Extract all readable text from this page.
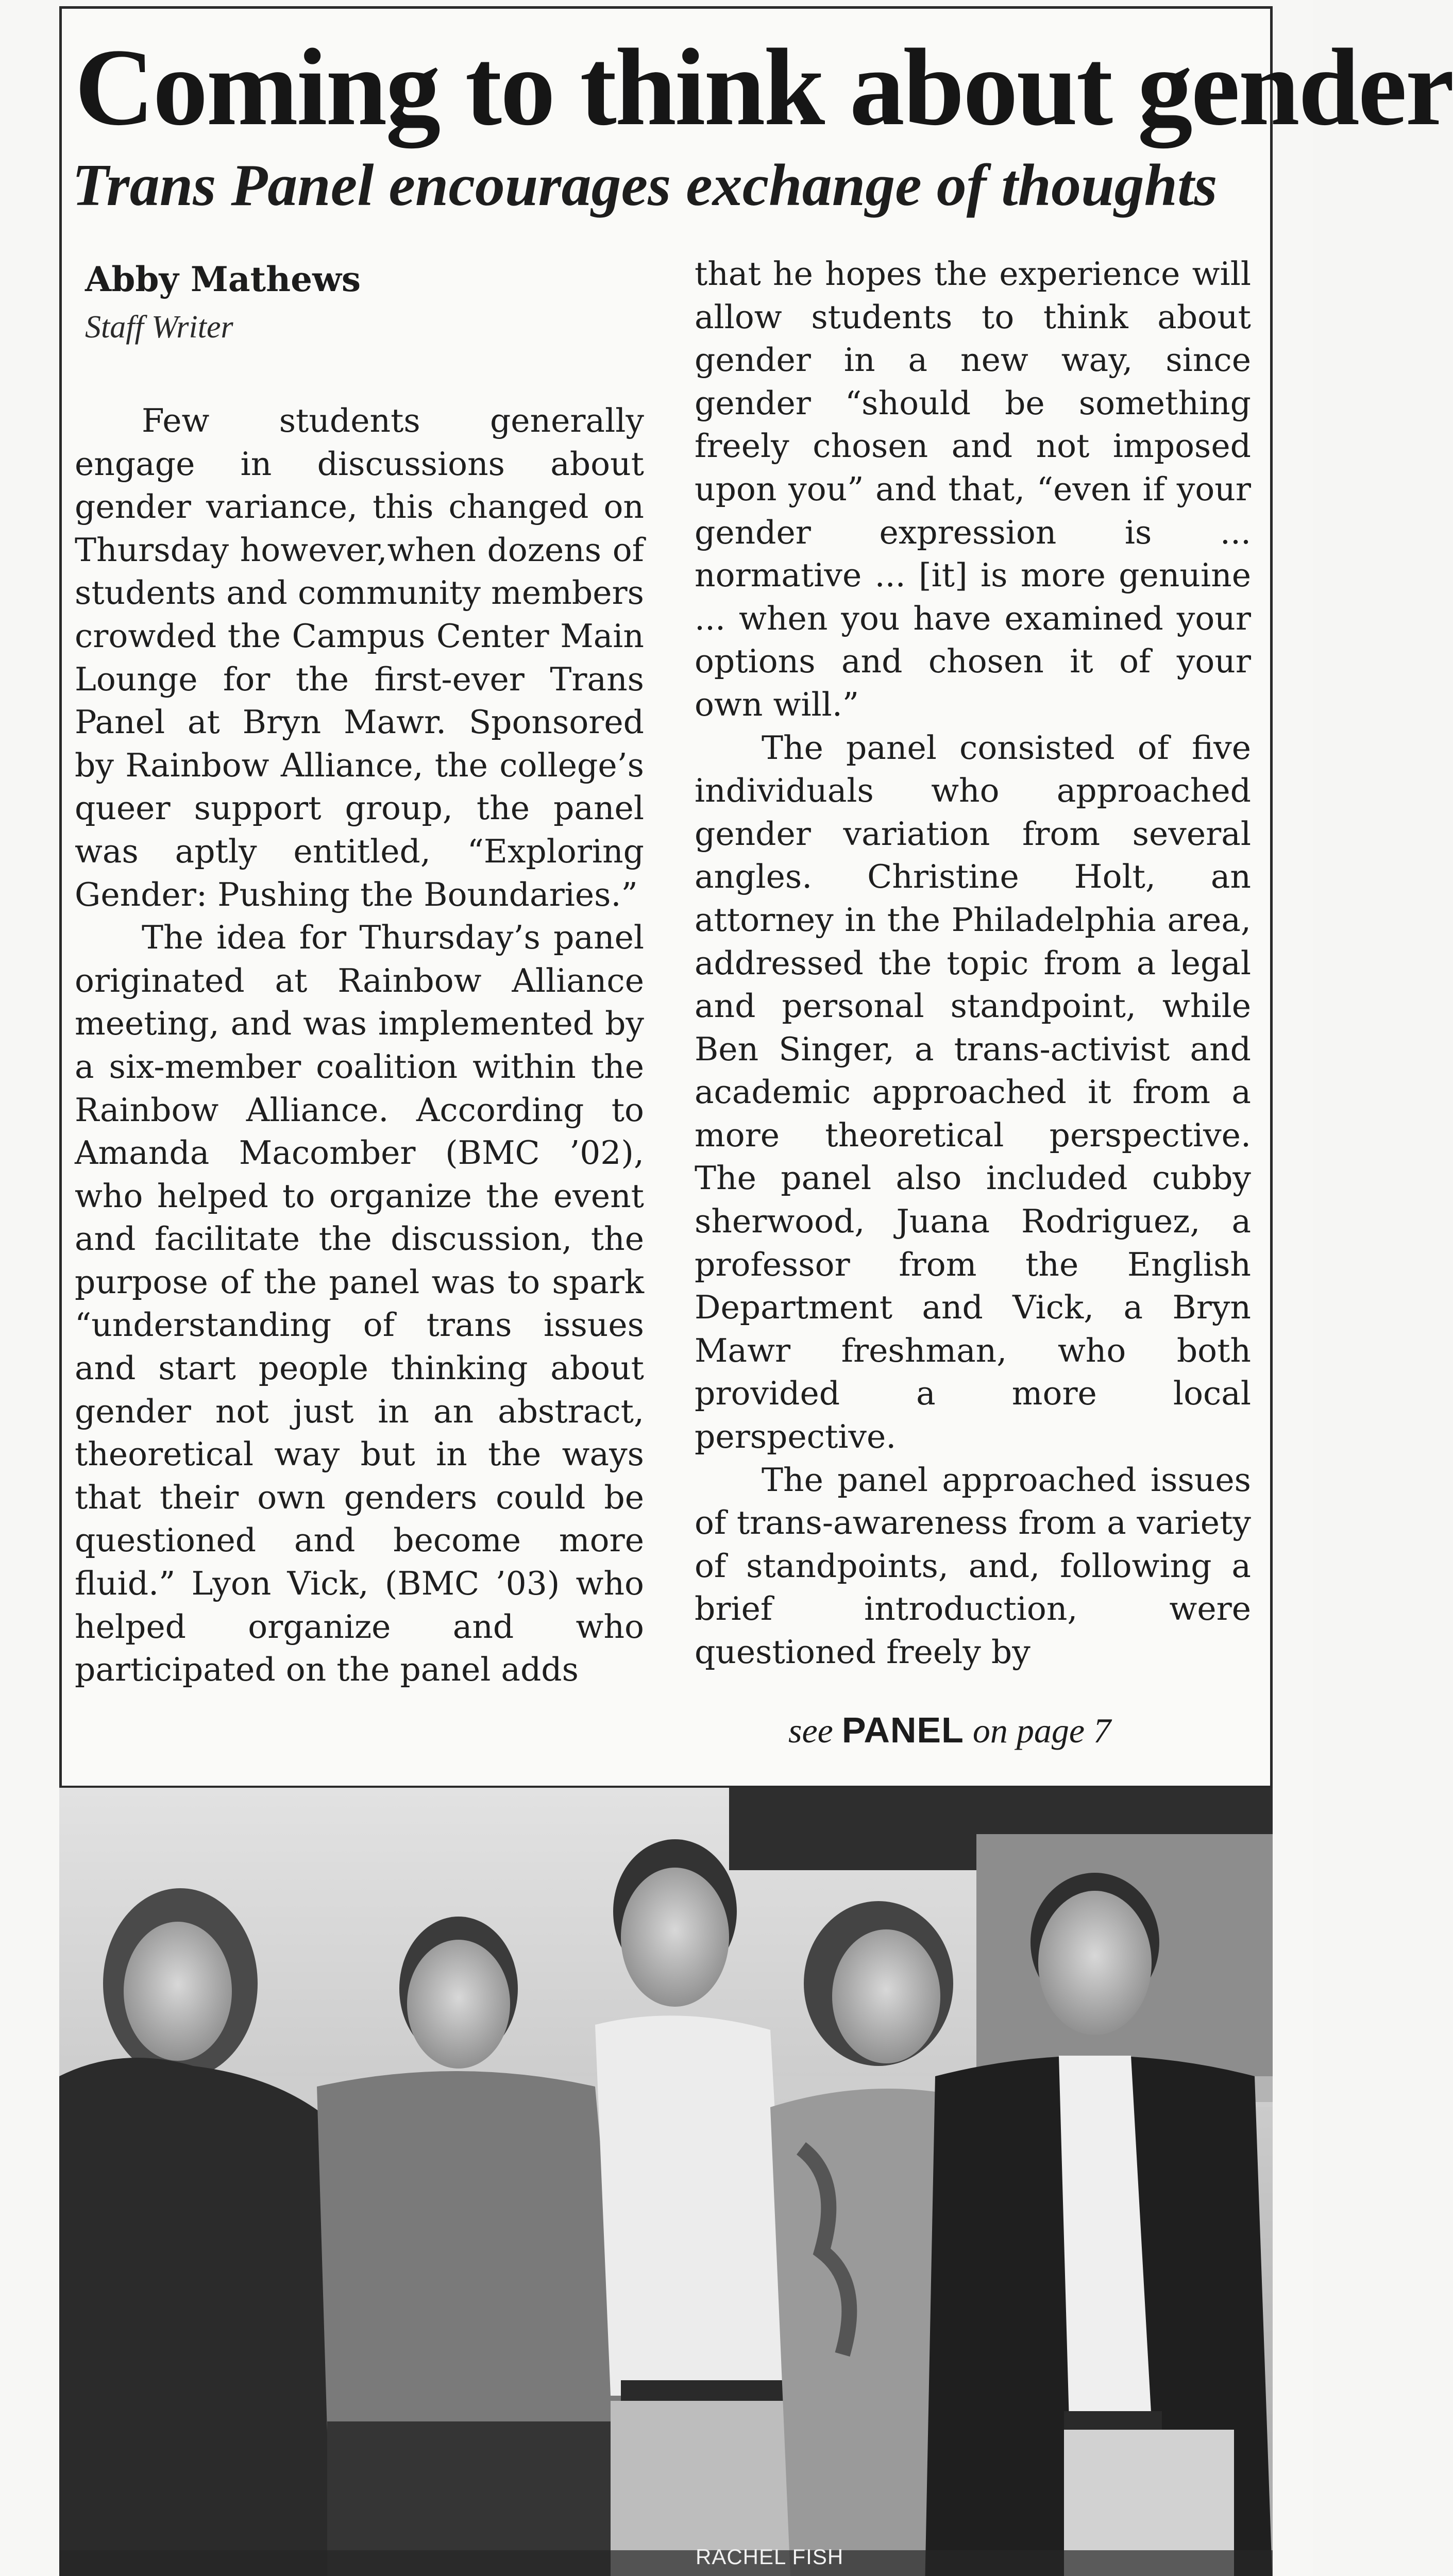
Coming to think about gender
Trans Panel encourages exchange of thoughts
Abby Mathews
Staff Writer

Few students generally engage in discussions about gender variance, this changed on Thursday however,when dozens of students and community members crowded the Campus Center Main Lounge for the first-ever Trans Panel at Bryn Mawr. Sponsored by Rainbow Alliance, the college’s queer support group, the panel was aptly entitled, “Exploring Gender: Pushing the Boundaries.”

The idea for Thursday’s panel originated at Rainbow Alliance meeting, and was implemented by a six-member coalition within the Rainbow Alliance. According to Amanda Macomber (BMC ’02), who helped to organize the event and facilitate the discussion, the purpose of the panel was to spark “understanding of trans issues and start people thinking about gender not just in an abstract, theoretical way but in the ways that their own genders could be questioned and become more fluid.” Lyon Vick, (BMC ’03) who helped organize and who participated on the panel adds

that he hopes the experience will allow students to think about gender in a new way, since gender “should be something freely chosen and not imposed upon you” and that, “even if your gender expression is ... normative ... [it] is more genuine ... when you have examined your options and chosen it of your own will.”

The panel consisted of five individuals who approached gender variation from several angles. Christine Holt, an attorney in the Philadelphia area, addressed the topic from a legal and personal standpoint, while Ben Singer, a trans-activist and academic approached it from a more theoretical perspective. The panel also included cubby sherwood, Juana Rodriguez, a professor from the English Department and Vick, a Bryn Mawr freshman, who both provided a more local perspective.

The panel approached issues of trans-awareness from a variety of standpoints, and, following a brief introduction, were questioned freely by

see PANEL on page 7
RACHEL FISH
